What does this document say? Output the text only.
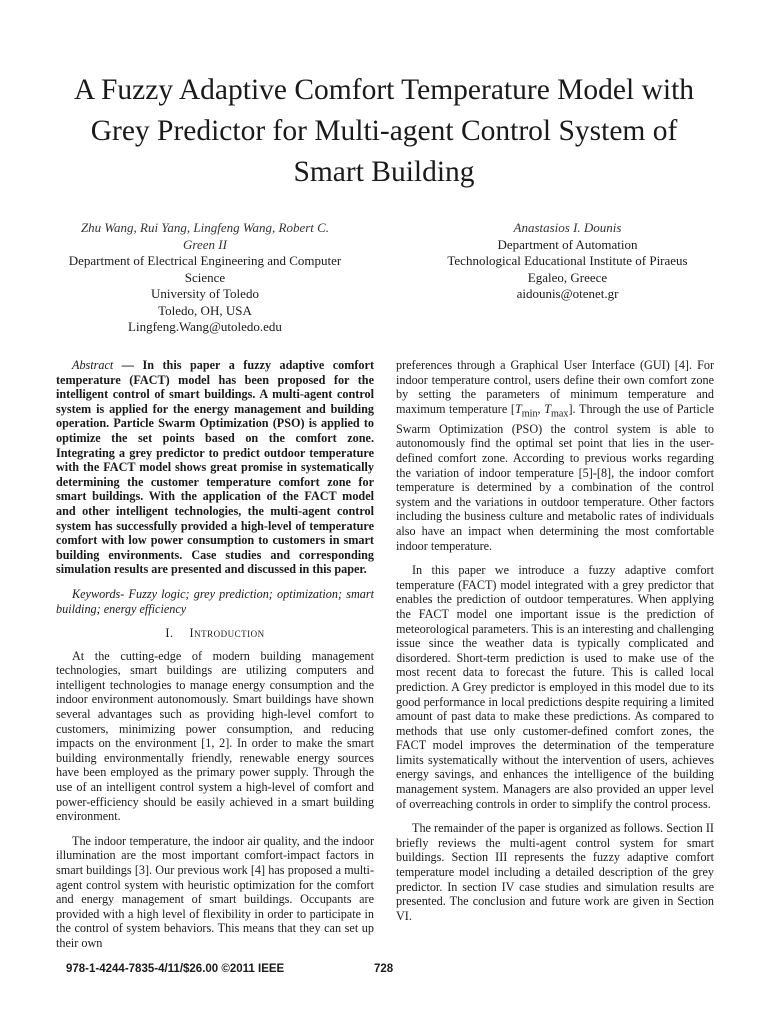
A Fuzzy Adaptive Comfort Temperature Model with
Grey Predictor for Multi-agent Control System of
Smart Building
Zhu Wang, Rui Yang, Lingfeng Wang, Robert C.
Green II
Department of Electrical Engineering and Computer
Science
University of Toledo
Toledo, OH, USA
Lingfeng.Wang@utoledo.edu
Anastasios I. Dounis
Department of Automation
Technological Educational Institute of Piraeus
Egaleo, Greece
aidounis@otenet.gr

Abstract — In this paper a fuzzy adaptive comfort temperature (FACT) model has been proposed for the intelligent control of smart buildings. A multi-agent control system is applied for the energy management and building operation. Particle Swarm Optimization (PSO) is applied to optimize the set points based on the comfort zone. Integrating a grey predictor to predict outdoor temperature with the FACT model shows great promise in systematically determining the customer temperature comfort zone for smart buildings. With the application of the FACT model and other intelligent technologies, the multi-agent control system has successfully provided a high-level of temperature comfort with low power consumption to customers in smart building environments. Case studies and corresponding simulation results are presented and discussed in this paper.

Keywords- Fuzzy logic; grey prediction; optimization; smart building; energy efficiency

I. Introduction

At the cutting-edge of modern building management technologies, smart buildings are utilizing computers and intelligent technologies to manage energy consumption and the indoor environment autonomously. Smart buildings have shown several advantages such as providing high-level comfort to customers, minimizing power consumption, and reducing impacts on the environment [1, 2]. In order to make the smart building environmentally friendly, renewable energy sources have been employed as the primary power supply. Through the use of an intelligent control system a high-level of comfort and power-efficiency should be easily achieved in a smart building environment.

The indoor temperature, the indoor air quality, and the indoor illumination are the most important comfort-impact factors in smart buildings [3]. Our previous work [4] has proposed a multi-agent control system with heuristic optimization for the comfort and energy management of smart buildings. Occupants are provided with a high level of flexibility in order to participate in the control of system behaviors. This means that they can set up their own

preferences through a Graphical User Interface (GUI) [4]. For indoor temperature control, users define their own comfort zone by setting the parameters of minimum temperature and maximum temperature [$T_{min}$, $T_{max}$]. Through the use of Particle Swarm Optimization (PSO) the control system is able to autonomously find the optimal set point that lies in the user-defined comfort zone. According to previous works regarding the variation of indoor temperature [5]-[8], the indoor comfort temperature is determined by a combination of the control system and the variations in outdoor temperature. Other factors including the business culture and metabolic rates of individuals also have an impact when determining the most comfortable indoor temperature.

In this paper we introduce a fuzzy adaptive comfort temperature (FACT) model integrated with a grey predictor that enables the prediction of outdoor temperatures. When applying the FACT model one important issue is the prediction of meteorological parameters. This is an interesting and challenging issue since the weather data is typically complicated and disordered. Short-term prediction is used to make use of the most recent data to forecast the future. This is called local prediction. A Grey predictor is employed in this model due to its good performance in local predictions despite requiring a limited amount of past data to make these predictions. As compared to methods that use only customer-defined comfort zones, the FACT model improves the determination of the temperature limits systematically without the intervention of users, achieves energy savings, and enhances the intelligence of the building management system. Managers are also provided an upper level of overreaching controls in order to simplify the control process.

The remainder of the paper is organized as follows. Section II briefly reviews the multi-agent control system for smart buildings. Section III represents the fuzzy adaptive comfort temperature model including a detailed description of the grey predictor. In section IV case studies and simulation results are presented. The conclusion and future work are given in Section VI.

978-1-4244-7835-4/11/$26.00 ©2011 IEEE	728
